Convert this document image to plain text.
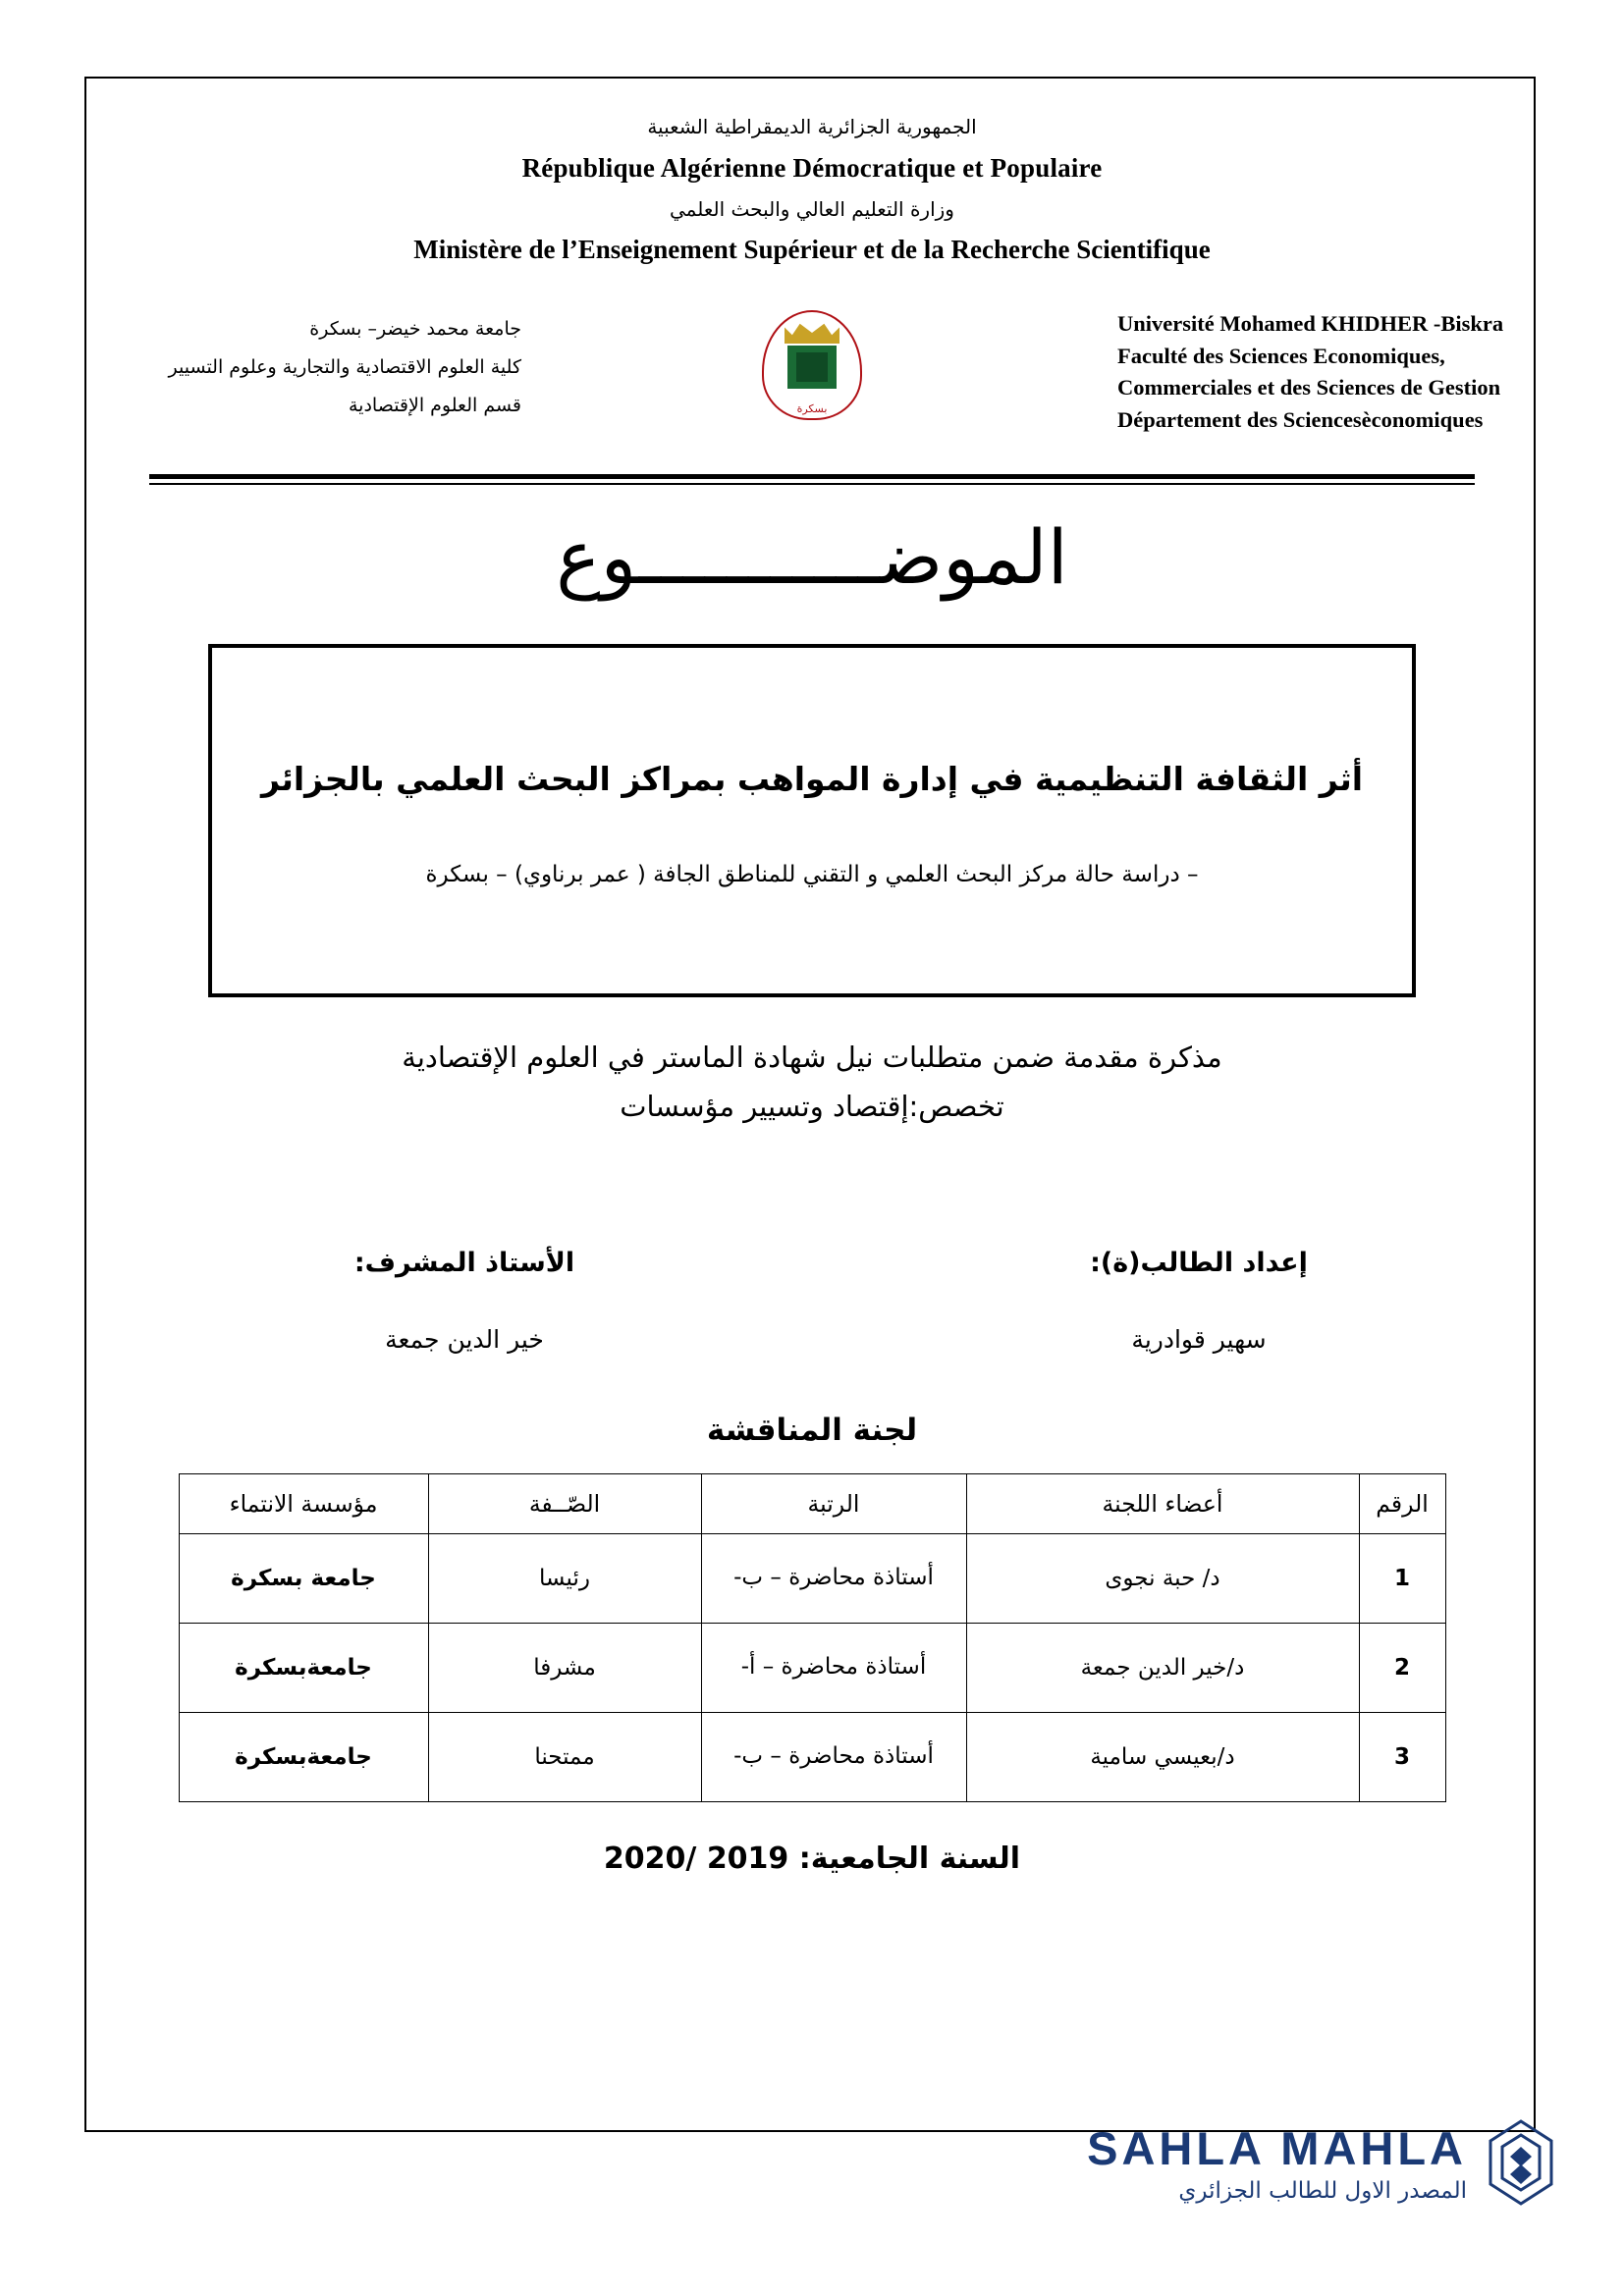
الجمهورية الجزائرية الديمقراطية الشعبية
République Algérienne Démocratique et Populaire
وزارة التعليم العالي والبحث العلمي
Ministère de l’Enseignement Supérieur et de la Recherche Scientifique
Université Mohamed KHIDHER -Biskra
Faculté des Sciences Economiques,
Commerciales et des Sciences de Gestion
Département des Sciencesèconomiques
بسكرة
جامعة محمد خيضر– بسكرة
كلية العلوم الاقتصادية والتجارية وعلوم التسيير
قسم العلوم الإقتصادية
الموضـــــــــــوع
أثر الثقافة التنظيمية في إدارة المواهب بمراكز البحث العلمي بالجزائر
– دراسة حالة مركز البحث العلمي و التقني للمناطق الجافة ( عمر برناوي) – بسكرة
مذكرة مقدمة ضمن متطلبات نيل شهادة الماستر في العلوم الإقتصادية
تخصص:إقتصاد وتسيير مؤسسات
إعداد الطالب(ة):
سهير قوادرية
الأستاذ المشرف:
خير الدين جمعة
لجنة المناقشة
الرقم	أعضاء اللجنة	الرتبة	الصّــفة	مؤسسة الانتماء
1	د/ حبة نجوى	أستاذة محاضرة – ب-	رئيسا	جامعة بسكرة
2	د/خير الدين جمعة	أستاذة محاضرة – أ-	مشرفا	جامعةبسكرة
3	د/بعيسي سامية	أستاذة محاضرة – ب-	ممتحنا	جامعةبسكرة
السنة الجامعية: 2019 /2020
SAHLA MAHLA
المصدر الاول للطالب الجزائري
